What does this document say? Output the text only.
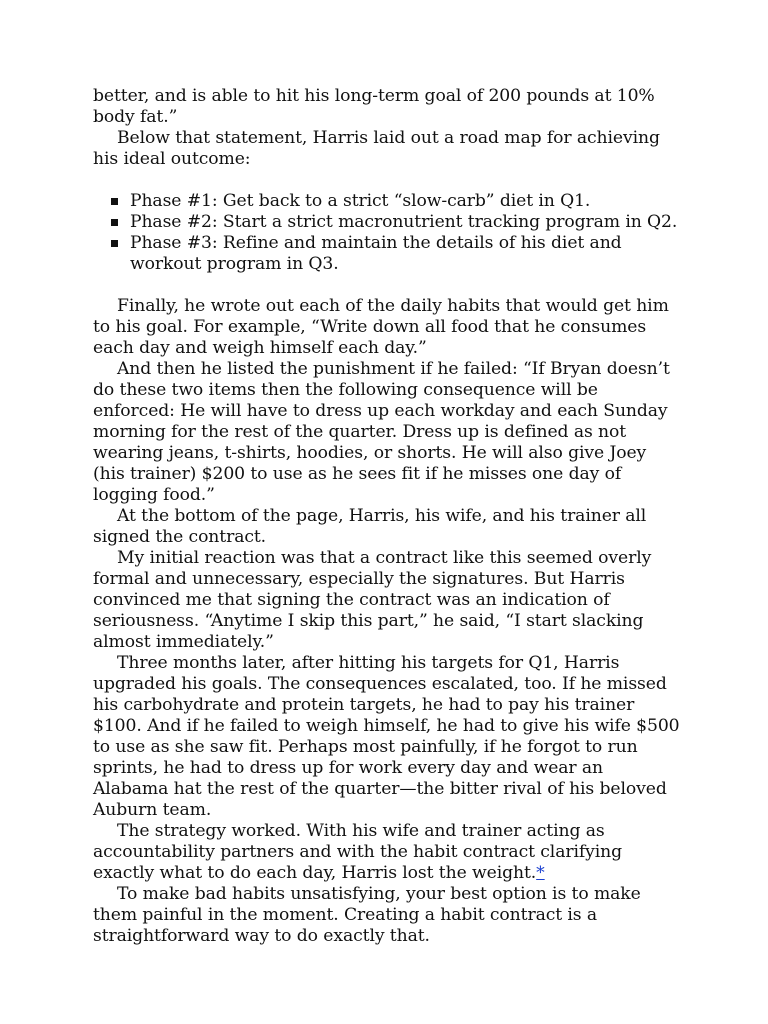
better, and is able to hit his long-term goal of 200 pounds at 10% body fat.”

Below that statement, Harris laid out a road map for achieving his ideal outcome:

Phase #1: Get back to a strict “slow-carb” diet in Q1.
Phase #2: Start a strict macronutrient tracking program in Q2.
Phase #3: Refine and maintain the details of his diet and workout program in Q3.

Finally, he wrote out each of the daily habits that would get him to his goal. For example, “Write down all food that he consumes each day and weigh himself each day.”

And then he listed the punishment if he failed: “If Bryan doesn’t do these two items then the following consequence will be enforced: He will have to dress up each workday and each Sunday morning for the rest of the quarter. Dress up is defined as not wearing jeans, t-shirts, hoodies, or shorts. He will also give Joey (his trainer) $200 to use as he sees fit if he misses one day of logging food.”

At the bottom of the page, Harris, his wife, and his trainer all signed the contract.

My initial reaction was that a contract like this seemed overly formal and unnecessary, especially the signatures. But Harris convinced me that signing the contract was an indication of seriousness. “Anytime I skip this part,” he said, “I start slacking almost immediately.”

Three months later, after hitting his targets for Q1, Harris upgraded his goals. The consequences escalated, too. If he missed his carbohydrate and protein targets, he had to pay his trainer $100. And if he failed to weigh himself, he had to give his wife $500 to use as she saw fit. Perhaps most painfully, if he forgot to run sprints, he had to dress up for work every day and wear an Alabama hat the rest of the quarter—the bitter rival of his beloved Auburn team.

The strategy worked. With his wife and trainer acting as accountability partners and with the habit contract clarifying exactly what to do each day, Harris lost the weight.*

To make bad habits unsatisfying, your best option is to make them painful in the moment. Creating a habit contract is a straightforward way to do exactly that.
